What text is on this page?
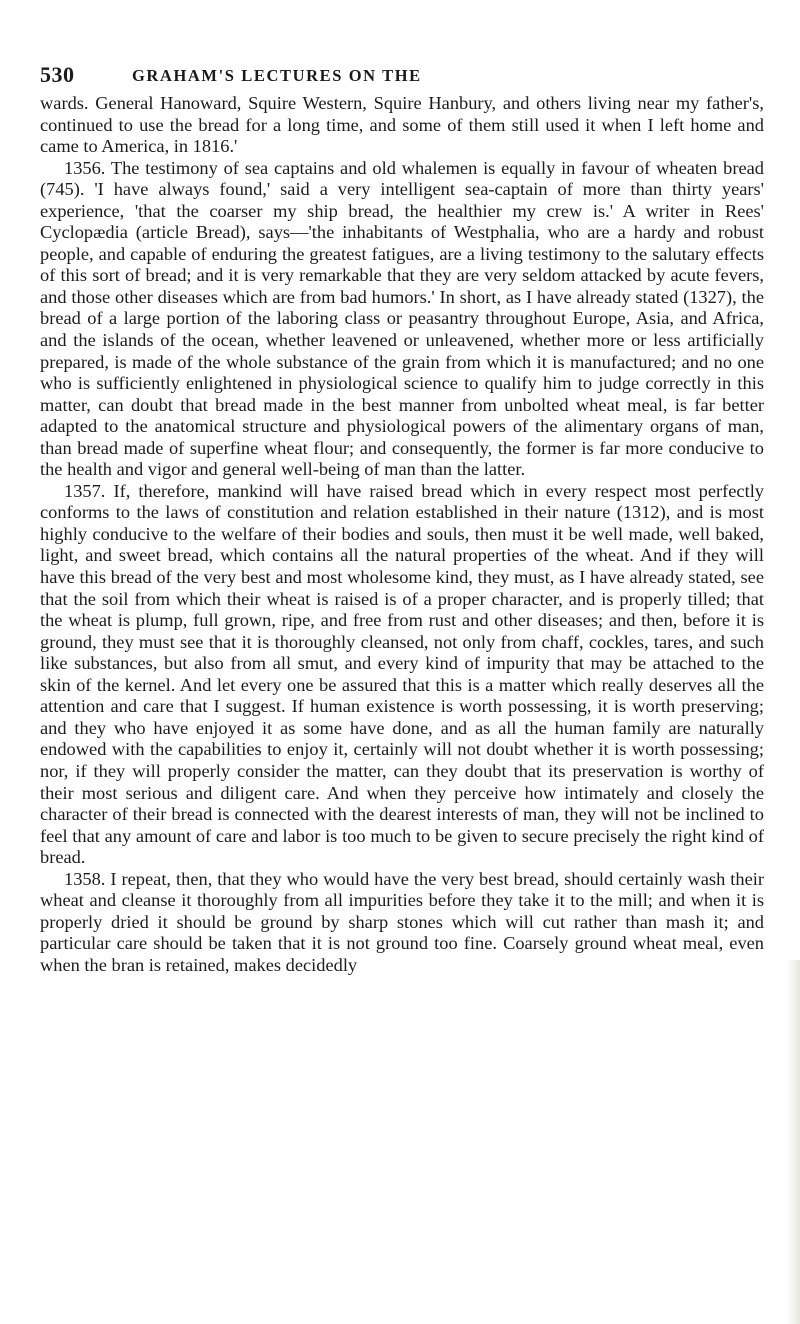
530	GRAHAM'S LECTURES ON THE

wards. General Hanoward, Squire Western, Squire Hanbury, and others living near my father's, continued to use the bread for a long time, and some of them still used it when I left home and came to America, in 1816.'

1356. The testimony of sea captains and old whalemen is equally in favour of wheaten bread (745). 'I have always found,' said a very intelligent sea-captain of more than thirty years' experience, 'that the coarser my ship bread, the healthier my crew is.' A writer in Rees' Cyclopædia (article Bread), says—'the inhabitants of Westphalia, who are a hardy and robust people, and capable of enduring the greatest fatigues, are a living testimony to the salutary effects of this sort of bread; and it is very remarkable that they are very seldom attacked by acute fevers, and those other diseases which are from bad humors.' In short, as I have already stated (1327), the bread of a large portion of the laboring class or peasantry throughout Europe, Asia, and Africa, and the islands of the ocean, whether leavened or unleavened, whether more or less artificially prepared, is made of the whole substance of the grain from which it is manufactured; and no one who is sufficiently enlightened in physiological science to qualify him to judge correctly in this matter, can doubt that bread made in the best manner from unbolted wheat meal, is far better adapted to the anatomical structure and physiological powers of the alimentary organs of man, than bread made of superfine wheat flour; and consequently, the former is far more conducive to the health and vigor and general well-being of man than the latter.

1357. If, therefore, mankind will have raised bread which in every respect most perfectly conforms to the laws of constitution and relation established in their nature (1312), and is most highly conducive to the welfare of their bodies and souls, then must it be well made, well baked, light, and sweet bread, which contains all the natural properties of the wheat. And if they will have this bread of the very best and most wholesome kind, they must, as I have already stated, see that the soil from which their wheat is raised is of a proper character, and is properly tilled; that the wheat is plump, full grown, ripe, and free from rust and other diseases; and then, before it is ground, they must see that it is thoroughly cleansed, not only from chaff, cockles, tares, and such like substances, but also from all smut, and every kind of impurity that may be attached to the skin of the kernel. And let every one be assured that this is a matter which really deserves all the attention and care that I suggest. If human existence is worth possessing, it is worth preserving; and they who have enjoyed it as some have done, and as all the human family are naturally endowed with the capabilities to enjoy it, certainly will not doubt whether it is worth possessing; nor, if they will properly consider the matter, can they doubt that its preservation is worthy of their most serious and diligent care. And when they perceive how intimately and closely the character of their bread is connected with the dearest interests of man, they will not be inclined to feel that any amount of care and labor is too much to be given to secure precisely the right kind of bread.

1358. I repeat, then, that they who would have the very best bread, should certainly wash their wheat and cleanse it thoroughly from all impurities before they take it to the mill; and when it is properly dried it should be ground by sharp stones which will cut rather than mash it; and particular care should be taken that it is not ground too fine. Coarsely ground wheat meal, even when the bran is retained, makes decidedly
